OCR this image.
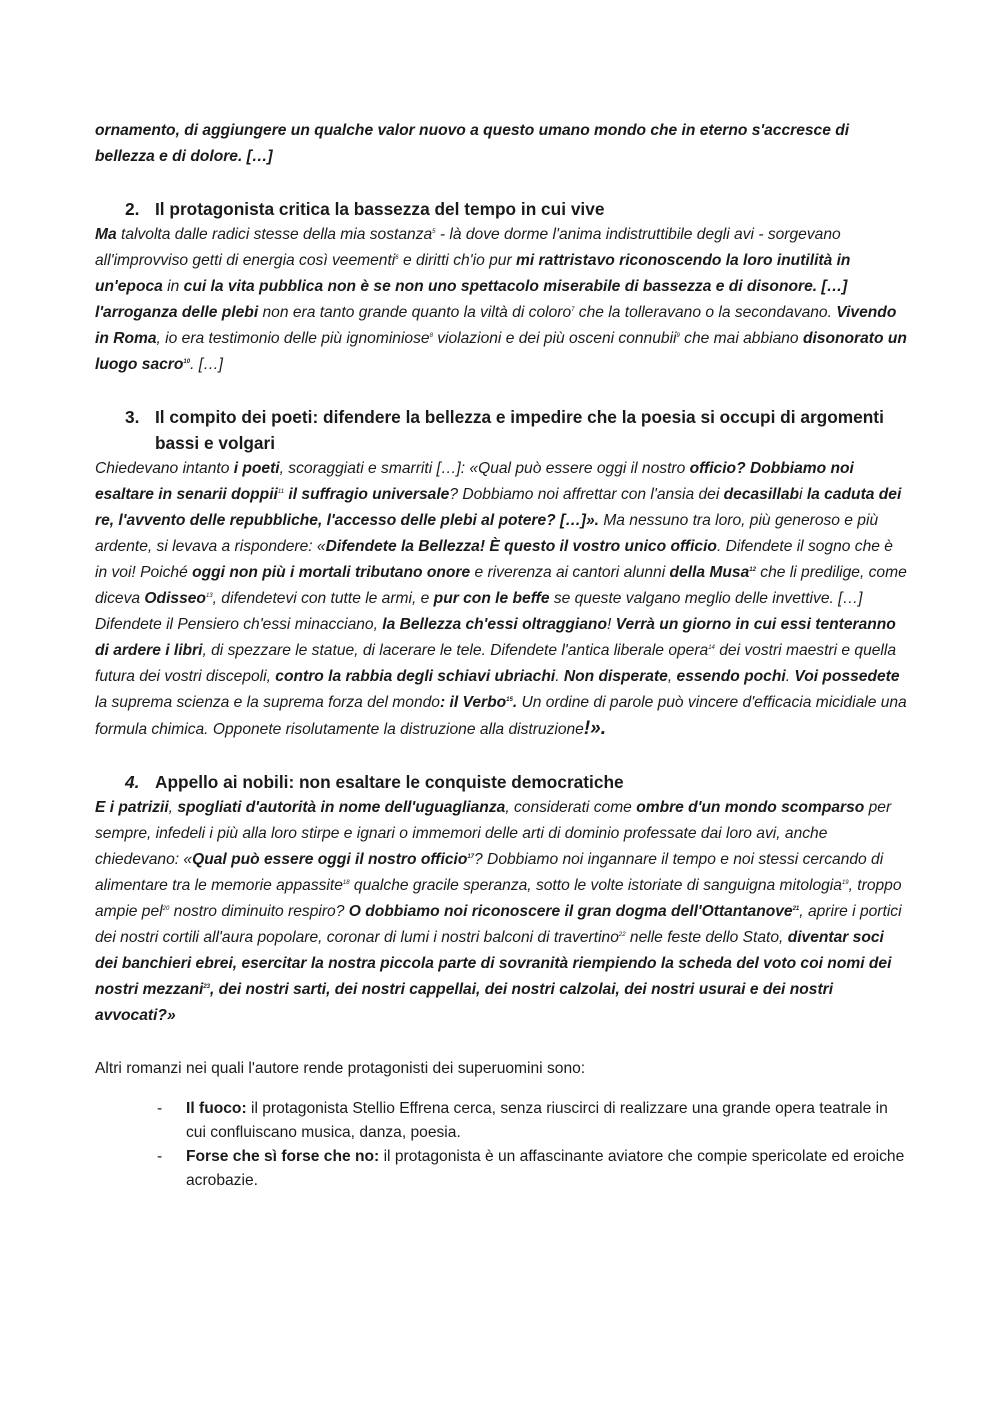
ornamento, di aggiungere un qualche valor nuovo a questo umano mondo che in eterno s'accresce di bellezza e di dolore. […]

2. Il protagonista critica la bassezza del tempo in cui vive

Ma talvolta dalle radici stesse della mia sostanza$^5$ - là dove dorme l'anima indistruttibile degli avi - sorgevano all'improvviso getti di energia così veementi$^6$ e diritti ch'io pur mi rattristavo riconoscendo la loro inutilità in un'epoca in cui la vita pubblica non è se non uno spettacolo miserabile di bassezza e di disonore. […] l'arroganza delle plebi non era tanto grande quanto la viltà di coloro$^7$ che la tolleravano o la secondavano. Vivendo in Roma, io era testimonio delle più ignominiose$^8$ violazioni e dei più osceni connubii$^9$ che mai abbiano disonorato un luogo sacro$^{10}$. […]

3. Il compito dei poeti: difendere la bellezza e impedire che la poesia si occupi di argomenti bassi e volgari

Chiedevano intanto i poeti, scoraggiati e smarriti […]: «Qual può essere oggi il nostro officio? Dobbiamo noi esaltare in senarii doppii$^{11}$ il suffragio universale? Dobbiamo noi affrettar con l'ansia dei decasillabi la caduta dei re, l'avvento delle repubbliche, l'accesso delle plebi al potere? […]». Ma nessuno tra loro, più generoso e più ardente, si levava a rispondere: «Difendete la Bellezza! È questo il vostro unico officio. Difendete il sogno che è in voi! Poiché oggi non più i mortali tributano onore e riverenza ai cantori alunni della Musa$^{12}$ che li predilige, come diceva Odisseo$^{13}$, difendetevi con tutte le armi, e pur con le beffe se queste valgano meglio delle invettive. […] Difendete il Pensiero ch'essi minacciano, la Bellezza ch'essi oltraggiano! Verrà un giorno in cui essi tenteranno di ardere i libri, di spezzare le statue, di lacerare le tele. Difendete l'antica liberale opera$^{14}$ dei vostri maestri e quella futura dei vostri discepoli, contro la rabbia degli schiavi ubriachi. Non disperate, essendo pochi. Voi possedete la suprema scienza e la suprema forza del mondo: il Verbo$^{15}$. Un ordine di parole può vincere d'efficacia micidiale una formula chimica. Opponete risolutamente la distruzione alla distruzione!».

4. Appello ai nobili: non esaltare le conquiste democratiche

E i patrizii, spogliati d'autorità in nome dell'uguaglianza, considerati come ombre d'un mondo scomparso per sempre, infedeli i più alla loro stirpe e ignari o immemori delle arti di dominio professate dai loro avi, anche chiedevano: «Qual può essere oggi il nostro officio$^{17}$? Dobbiamo noi ingannare il tempo e noi stessi cercando di alimentare tra le memorie appassite$^{18}$ qualche gracile speranza, sotto le volte istoriate di sanguigna mitologia$^{19}$, troppo ampie pel$^{20}$ nostro diminuito respiro? O dobbiamo noi riconoscere il gran dogma dell'Ottantanove$^{21}$, aprire i portici dei nostri cortili all'aura popolare, coronar di lumi i nostri balconi di travertino$^{22}$ nelle feste dello Stato, diventar soci dei banchieri ebrei, esercitar la nostra piccola parte di sovranità riempiendo la scheda del voto coi nomi dei nostri mezzani$^{23}$, dei nostri sarti, dei nostri cappellai, dei nostri calzolai, dei nostri usurai e dei nostri avvocati?»

Altri romanzi nei quali l'autore rende protagonisti dei superuomini sono:

- Il fuoco: il protagonista Stellio Effrena cerca, senza riuscirci di realizzare una grande opera teatrale in cui confluiscano musica, danza, poesia.
- Forse che sì forse che no: il protagonista è un affascinante aviatore che compie spericolate ed eroiche acrobazie.
